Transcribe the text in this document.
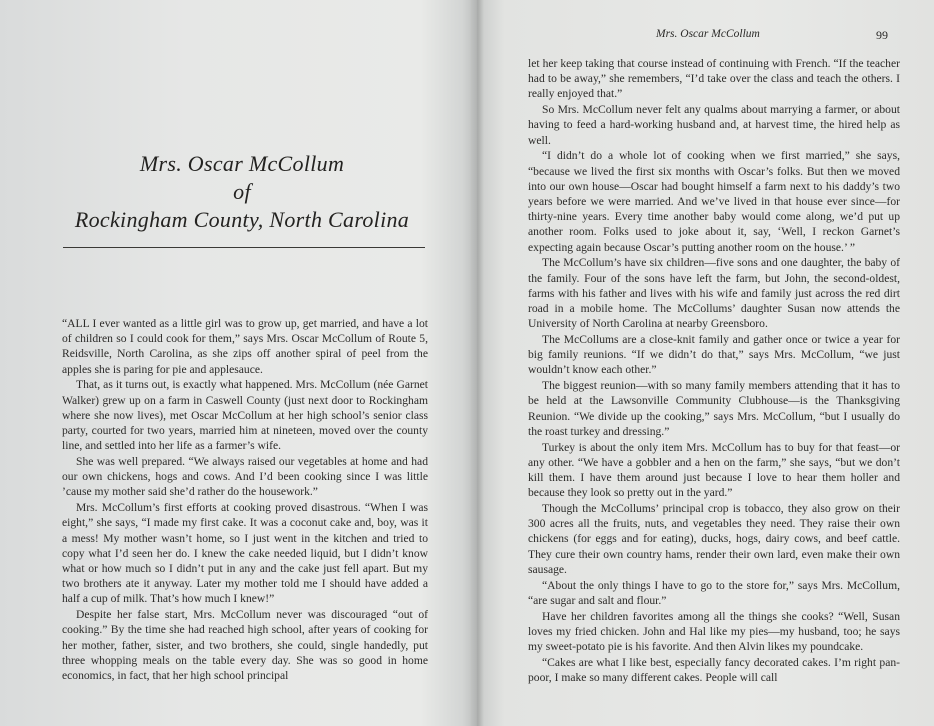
Mrs. Oscar McCollum
of
Rockingham County, North Carolina

“ALL I ever wanted as a little girl was to grow up, get married, and have a lot of children so I could cook for them,” says Mrs. Oscar McCollum of Route 5, Reidsville, North Carolina, as she zips off another spiral of peel from the apples she is paring for pie and applesauce.

That, as it turns out, is exactly what happened. Mrs. McCollum (née Garnet Walker) grew up on a farm in Caswell County (just next door to Rockingham where she now lives), met Oscar McCollum at her high school’s senior class party, courted for two years, married him at nineteen, moved over the county line, and settled into her life as a farmer’s wife.

She was well prepared. “We always raised our vegetables at home and had our own chickens, hogs and cows. And I’d been cooking since I was little ’cause my mother said she’d rather do the housework.”

Mrs. McCollum’s first efforts at cooking proved disastrous. “When I was eight,” she says, “I made my first cake. It was a coconut cake and, boy, was it a mess! My mother wasn’t home, so I just went in the kitchen and tried to copy what I’d seen her do. I knew the cake needed liquid, but I didn’t know what or how much so I didn’t put in any and the cake just fell apart. But my two brothers ate it anyway. Later my mother told me I should have added a half a cup of milk. That’s how much I knew!”

Despite her false start, Mrs. McCollum never was discouraged “out of cooking.” By the time she had reached high school, after years of cooking for her mother, father, sister, and two brothers, she could, single handedly, put three whopping meals on the table every day. She was so good in home economics, in fact, that her high school principal

Mrs. Oscar McCollum	99

let her keep taking that course instead of continuing with French. “If the teacher had to be away,” she remembers, “I’d take over the class and teach the others. I really enjoyed that.”

So Mrs. McCollum never felt any qualms about marrying a farmer, or about having to feed a hard-working husband and, at harvest time, the hired help as well.

“I didn’t do a whole lot of cooking when we first married,” she says, “because we lived the first six months with Oscar’s folks. But then we moved into our own house—Oscar had bought himself a farm next to his daddy’s two years before we were married. And we’ve lived in that house ever since—for thirty-nine years. Every time another baby would come along, we’d put up another room. Folks used to joke about it, say, ‘Well, I reckon Garnet’s expecting again because Oscar’s putting another room on the house.’ ”

The McCollum’s have six children—five sons and one daughter, the baby of the family. Four of the sons have left the farm, but John, the second-oldest, farms with his father and lives with his wife and family just across the red dirt road in a mobile home. The McCollums’ daughter Susan now attends the University of North Carolina at nearby Greensboro.

The McCollums are a close-knit family and gather once or twice a year for big family reunions. “If we didn’t do that,” says Mrs. McCollum, “we just wouldn’t know each other.”

The biggest reunion—with so many family members attending that it has to be held at the Lawsonville Community Clubhouse—is the Thanksgiving Reunion. “We divide up the cooking,” says Mrs. McCollum, “but I usually do the roast turkey and dressing.”

Turkey is about the only item Mrs. McCollum has to buy for that feast—or any other. “We have a gobbler and a hen on the farm,” she says, “but we don’t kill them. I have them around just because I love to hear them holler and because they look so pretty out in the yard.”

Though the McCollums’ principal crop is tobacco, they also grow on their 300 acres all the fruits, nuts, and vegetables they need. They raise their own chickens (for eggs and for eating), ducks, hogs, dairy cows, and beef cattle. They cure their own country hams, render their own lard, even make their own sausage.

“About the only things I have to go to the store for,” says Mrs. McCollum, “are sugar and salt and flour.”

Have her children favorites among all the things she cooks? “Well, Susan loves my fried chicken. John and Hal like my pies—my husband, too; he says my sweet-potato pie is his favorite. And then Alvin likes my poundcake.

“Cakes are what I like best, especially fancy decorated cakes. I’m right pan-poor, I make so many different cakes. People will call
